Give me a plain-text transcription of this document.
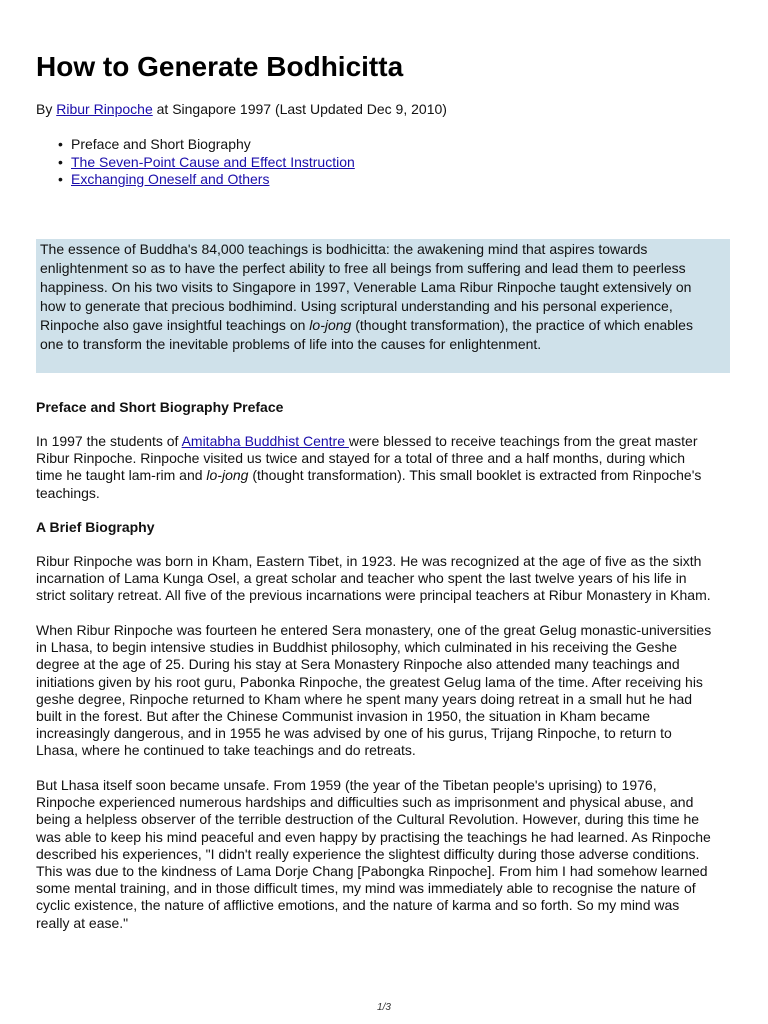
How to Generate Bodhicitta
By Ribur Rinpoche at Singapore 1997 (Last Updated Dec 9, 2010)
• Preface and Short Biography
• The Seven-Point Cause and Effect Instruction
• Exchanging Oneself and Others

The essence of Buddha's 84,000 teachings is bodhicitta: the awakening mind that aspires towards
enlightenment so as to have the perfect ability to free all beings from suffering and lead them to peerless
happiness. On his two visits to Singapore in 1997, Venerable Lama Ribur Rinpoche taught extensively on
how to generate that precious bodhimind. Using scriptural understanding and his personal experience,
Rinpoche also gave insightful teachings on lo-jong (thought transformation), the practice of which enables
one to transform the inevitable problems of life into the causes for enlightenment.

Preface and Short Biography Preface
In 1997 the students of Amitabha Buddhist Centre were blessed to receive teachings from the great master
Ribur Rinpoche. Rinpoche visited us twice and stayed for a total of three and a half months, during which
time he taught lam-rim and lo-jong (thought transformation). This small booklet is extracted from Rinpoche's
teachings.
A Brief Biography
Ribur Rinpoche was born in Kham, Eastern Tibet, in 1923. He was recognized at the age of five as the sixth
incarnation of Lama Kunga Osel, a great scholar and teacher who spent the last twelve years of his life in
strict solitary retreat. All five of the previous incarnations were principal teachers at Ribur Monastery in Kham.
When Ribur Rinpoche was fourteen he entered Sera monastery, one of the great Gelug monastic-universities
in Lhasa, to begin intensive studies in Buddhist philosophy, which culminated in his receiving the Geshe
degree at the age of 25. During his stay at Sera Monastery Rinpoche also attended many teachings and
initiations given by his root guru, Pabonka Rinpoche, the greatest Gelug lama of the time. After receiving his
geshe degree, Rinpoche returned to Kham where he spent many years doing retreat in a small hut he had
built in the forest. But after the Chinese Communist invasion in 1950, the situation in Kham became
increasingly dangerous, and in 1955 he was advised by one of his gurus, Trijang Rinpoche, to return to
Lhasa, where he continued to take teachings and do retreats.
But Lhasa itself soon became unsafe. From 1959 (the year of the Tibetan people's uprising) to 1976,
Rinpoche experienced numerous hardships and difficulties such as imprisonment and physical abuse, and
being a helpless observer of the terrible destruction of the Cultural Revolution. However, during this time he
was able to keep his mind peaceful and even happy by practising the teachings he had learned. As Rinpoche
described his experiences, "I didn't really experience the slightest difficulty during those adverse conditions.
This was due to the kindness of Lama Dorje Chang [Pabongka Rinpoche]. From him I had somehow learned
some mental training, and in those difficult times, my mind was immediately able to recognise the nature of
cyclic existence, the nature of afflictive emotions, and the nature of karma and so forth. So my mind was
really at ease."
1/3
